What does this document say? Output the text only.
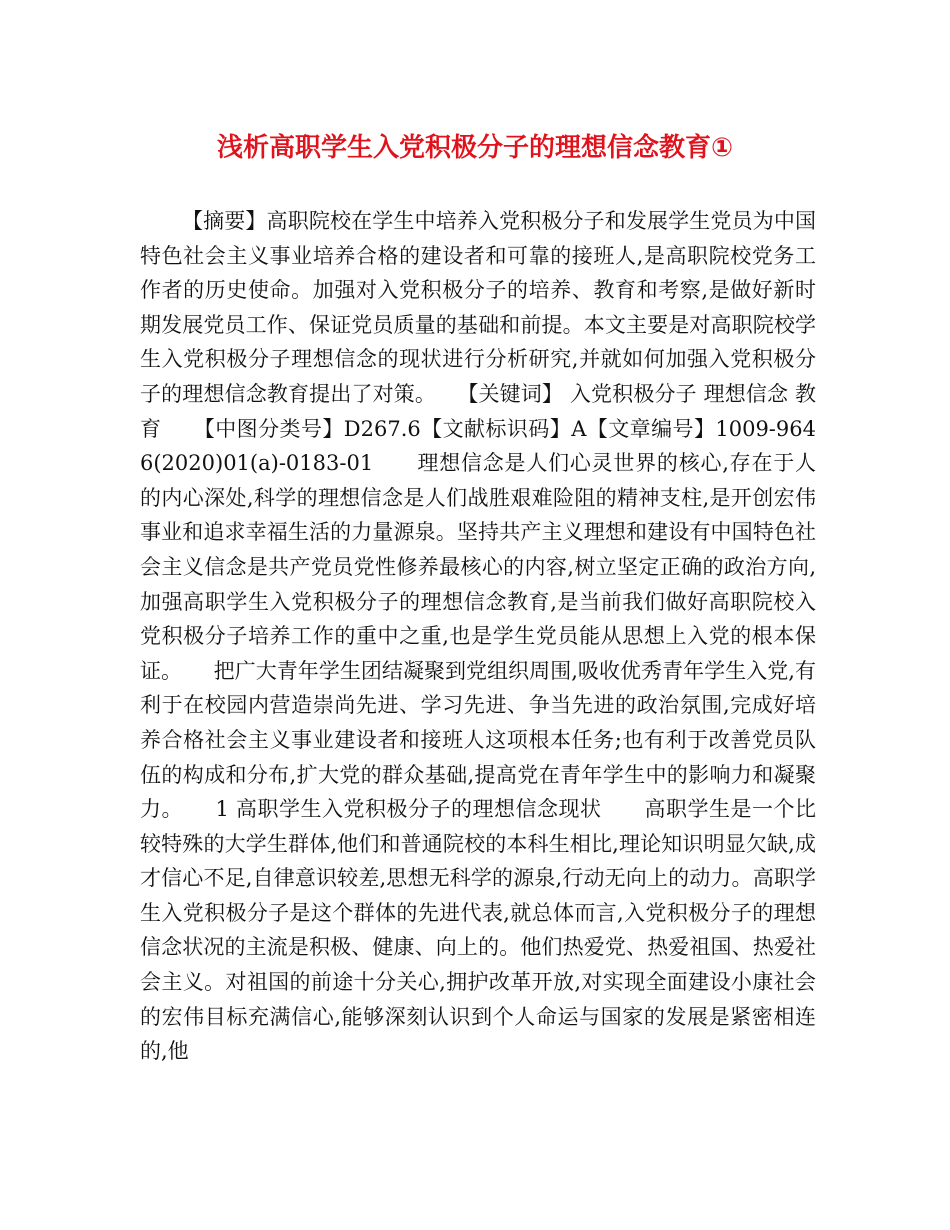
浅析高职学生入党积极分子的理想信念教育①

【摘要】高职院校在学生中培养入党积极分子和发展学生党员为中国特色社会主义事业培养合格的建设者和可靠的接班人,是高职院校党务工作者的历史使命。加强对入党积极分子的培养、教育和考察,是做好新时期发展党员工作、保证党员质量的基础和前提。本文主要是对高职院校学生入党积极分子理想信念的现状进行分析研究,并就如何加强入党积极分子的理想信念教育提出了对策。　　【关键词】 入党积极分子 理想信念 教育　　【中图分类号】D267.6【文献标识码】A【文章编号】1009-9646(2020)01(a)-0183-01　　理想信念是人们心灵世界的核心,存在于人的内心深处,科学的理想信念是人们战胜艰难险阻的精神支柱,是开创宏伟事业和追求幸福生活的力量源泉。坚持共产主义理想和建设有中国特色社会主义信念是共产党员党性修养最核心的内容,树立坚定正确的政治方向,加强高职学生入党积极分子的理想信念教育,是当前我们做好高职院校入党积极分子培养工作的重中之重,也是学生党员能从思想上入党的根本保证。　　把广大青年学生团结凝聚到党组织周围,吸收优秀青年学生入党,有利于在校园内营造崇尚先进、学习先进、争当先进的政治氛围,完成好培养合格社会主义事业建设者和接班人这项根本任务;也有利于改善党员队伍的构成和分布,扩大党的群众基础,提高党在青年学生中的影响力和凝聚力。　　1 高职学生入党积极分子的理想信念现状　　高职学生是一个比较特殊的大学生群体,他们和普通院校的本科生相比,理论知识明显欠缺,成才信心不足,自律意识较差,思想无科学的源泉,行动无向上的动力。高职学生入党积极分子是这个群体的先进代表,就总体而言,入党积极分子的理想信念状况的主流是积极、健康、向上的。他们热爱党、热爱祖国、热爱社会主义。对祖国的前途十分关心,拥护改革开放,对实现全面建设小康社会的宏伟目标充满信心,能够深刻认识到个人命运与国家的发展是紧密相连的,他
